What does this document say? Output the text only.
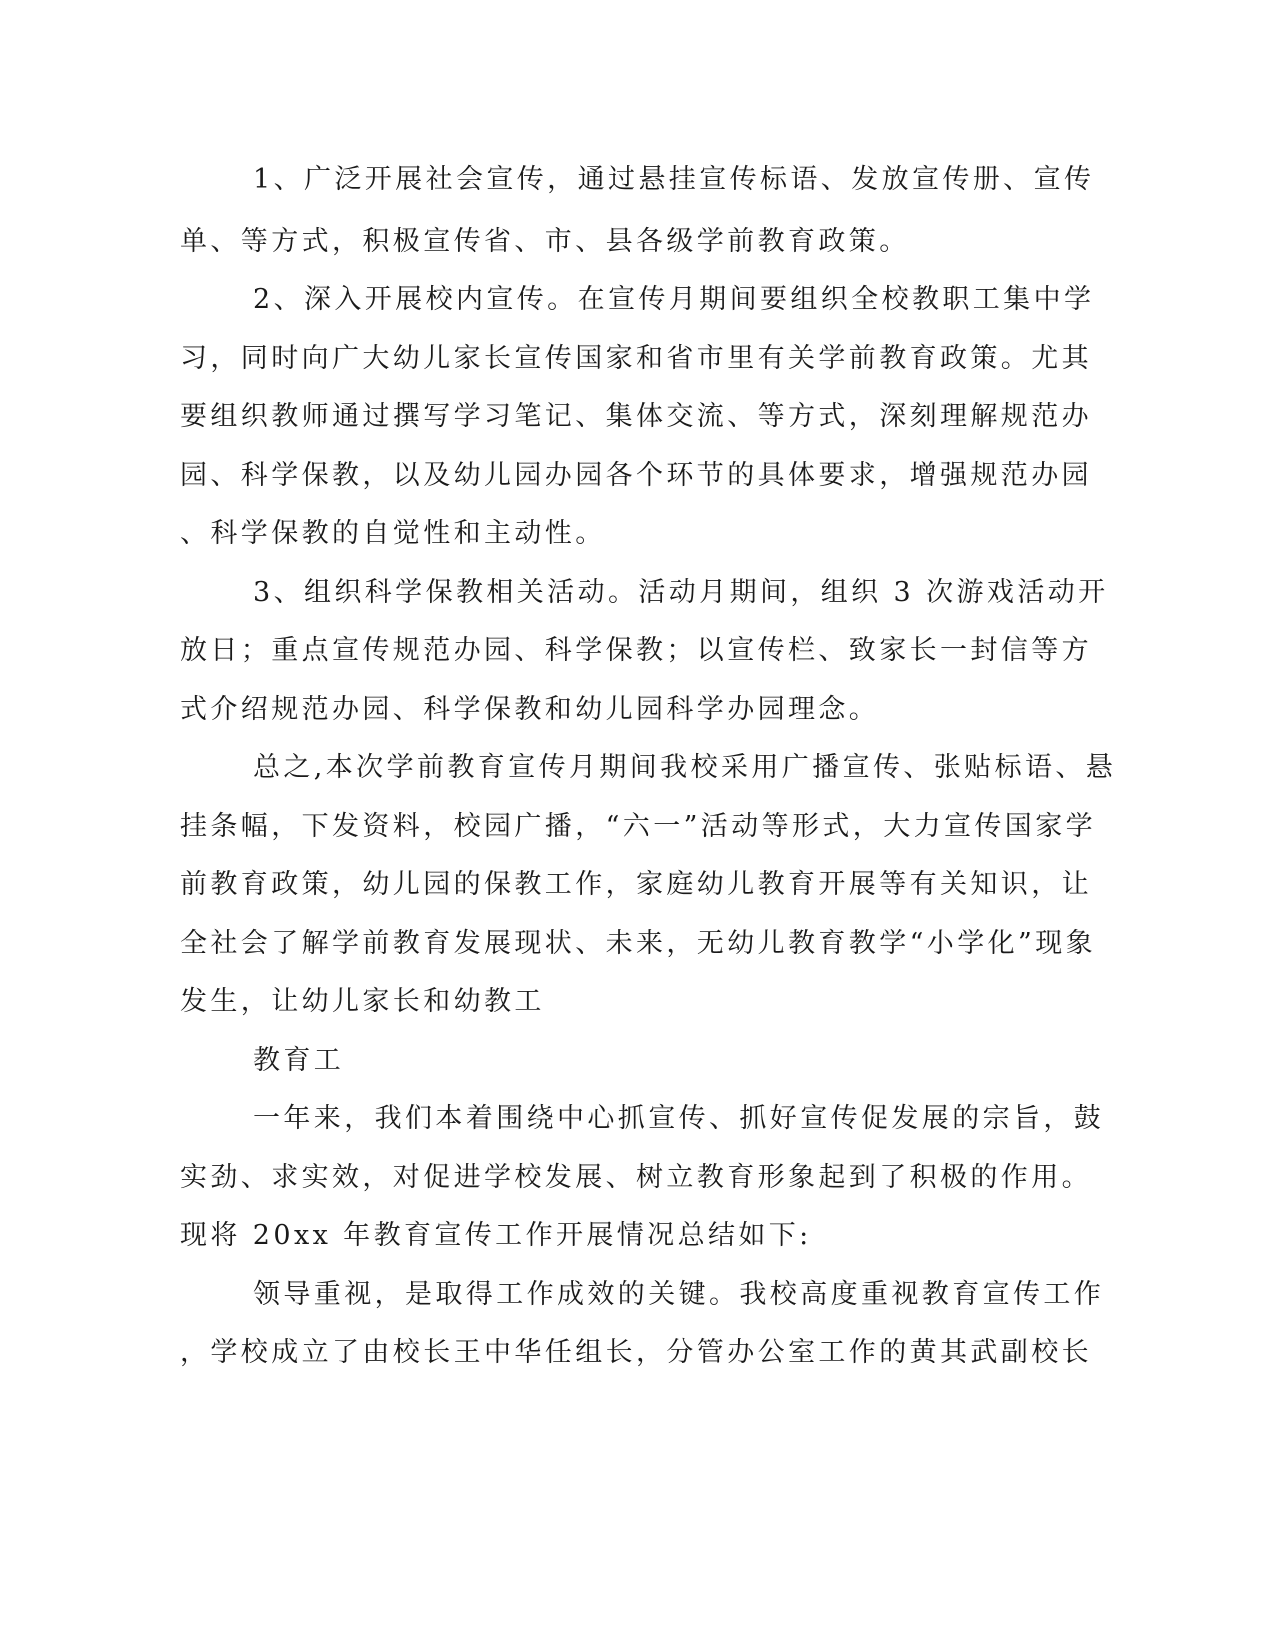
1、广泛开展社会宣传，通过悬挂宣传标语、发放宣传册、宣传
单、等方式，积极宣传省、市、县各级学前教育政策。
2、深入开展校内宣传。在宣传月期间要组织全校教职工集中学
习，同时向广大幼儿家长宣传国家和省市里有关学前教育政策。尤其
要组织教师通过撰写学习笔记、集体交流、等方式，深刻理解规范办
园、科学保教，以及幼儿园办园各个环节的具体要求，增强规范办园
、科学保教的自觉性和主动性。
3、组织科学保教相关活动。活动月期间，组织 3 次游戏活动开
放日；重点宣传规范办园、科学保教；以宣传栏、致家长一封信等方
式介绍规范办园、科学保教和幼儿园科学办园理念。
总之,本次学前教育宣传月期间我校采用广播宣传、张贴标语、悬
挂条幅，下发资料，校园广播，“六一”活动等形式，大力宣传国家学
前教育政策，幼儿园的保教工作，家庭幼儿教育开展等有关知识，让
全社会了解学前教育发展现状、未来，无幼儿教育教学“小学化”现象
发生，让幼儿家长和幼教工
教育工
一年来，我们本着围绕中心抓宣传、抓好宣传促发展的宗旨，鼓
实劲、求实效，对促进学校发展、树立教育形象起到了积极的作用。
现将 20xx 年教育宣传工作开展情况总结如下:
领导重视，是取得工作成效的关键。我校高度重视教育宣传工作
，学校成立了由校长王中华任组长，分管办公室工作的黄其武副校长
